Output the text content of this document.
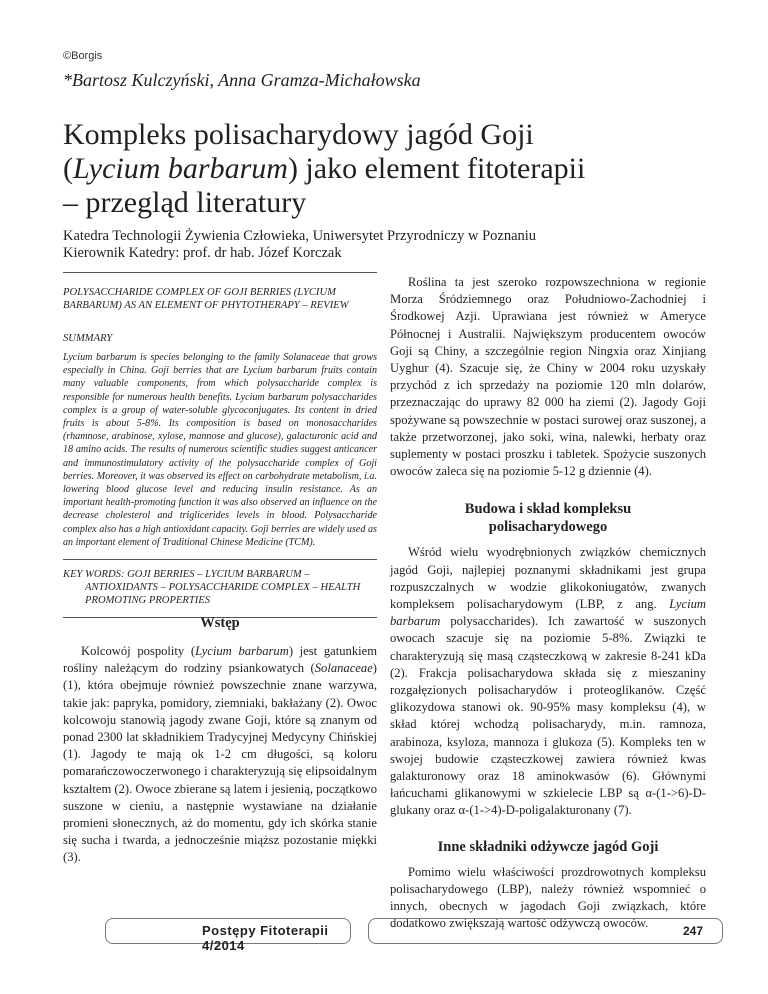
©Borgis
*Bartosz Kulczyński, Anna Gramza-Michałowska
Kompleks polisacharydowy jagód Goji
(Lycium barbarum) jako element fitoterapii
– przegląd literatury
Katedra Technologii Żywienia Człowieka, Uniwersytet Przyrodniczy w Poznaniu
Kierownik Katedry: prof. dr hab. Józef Korczak

POLYSACCHARIDE COMPLEX OF GOJI BERRIES (LYCIUM BARBARUM) AS AN ELEMENT OF PHYTOTHERAPY – REVIEW

SUMMARY

Lycium barbarum is species belonging to the family Solanaceae that grows especially in China. Goji berries that are Lycium barbarum fruits contain many valuable components, from which polysaccharide complex is responsible for numerous health benefits. Lycium barbarum polysaccharides complex is a group of water-soluble glycoconjugates. Its content in dried fruits is about 5-8%. Its composition is based on monosaccharides (rhamnose, arabinose, xylose, mannose and glucose), galacturonic acid and 18 amino acids. The results of numerous scientific studies suggest anticancer and immunostimulatory activity of the polysaccharide complex of Goji berries. Moreover, it was observed its effect on carbohydrate metabolism, i.a. lowering blood glucose level and reducing insulin resistance. As an important health-promoting function it was also observed an influence on the decrease cholesterol and triglicerides levels in blood. Polysaccharide complex also has a high antioxidant capacity. Goji berries are widely used as an important element of Traditional Chinese Medicine (TCM).

KEY WORDS: GOJI BERRIES – LYCIUM BARBARUM – ANTIOXIDANTS – POLYSACCHARIDE COMPLEX – HEALTH PROMOTING PROPERTIES

Wstęp

Kolcowój pospolity (Lycium barbarum) jest gatunkiem rośliny należącym do rodziny psiankowatych (Solanaceae) (1), która obejmuje również powszechnie znane warzywa, takie jak: papryka, pomidory, ziemniaki, bakłażany (2). Owoc kolcowoju stanowią jagody zwane Goji, które są znanym od ponad 2300 lat składnikiem Tradycyjnej Medycyny Chińskiej (1). Jagody te mają ok 1-2 cm długości, są koloru pomarańczowoczerwonego i charakteryzują się elipsoidalnym kształtem (2). Owoce zbierane są latem i jesienią, początkowo suszone w cieniu, a następnie wystawiane na działanie promieni słonecznych, aż do momentu, gdy ich skórka stanie się sucha i twarda, a jednocześnie miąższ pozostanie miękki (3).

Roślina ta jest szeroko rozpowszechniona w regionie Morza Śródziemnego oraz Południowo-Zachodniej i Środkowej Azji. Uprawiana jest również w Ameryce Północnej i Australii. Największym producentem owoców Goji są Chiny, a szczególnie region Ningxia oraz Xinjiang Uyghur (4). Szacuje się, że Chiny w 2004 roku uzyskały przychód z ich sprzedaży na poziomie 120 mln dolarów, przeznaczając do uprawy 82 000 ha ziemi (2). Jagody Goji spożywane są powszechnie w postaci surowej oraz suszonej, a także przetworzonej, jako soki, wina, nalewki, herbaty oraz suplementy w postaci proszku i tabletek. Spożycie suszonych owoców zaleca się na poziomie 5-12 g dziennie (4).

Budowa i skład kompleksu
polisacharydowego

Wśród wielu wyodrębnionych związków chemicznych jagód Goji, najlepiej poznanymi składnikami jest grupa rozpuszczalnych w wodzie glikokoniugatów, zwanych kompleksem polisacharydowym (LBP, z ang. Lycium barbarum polysaccharides). Ich zawartość w suszonych owocach szacuje się na poziomie 5-8%. Związki te charakteryzują się masą cząsteczkową w zakresie 8-241 kDa (2). Frakcja polisacharydowa składa się z mieszaniny rozgałęzionych polisacharydów i proteoglikanów. Część glikozydowa stanowi ok. 90-95% masy kompleksu (4), w skład której wchodzą polisacharydy, m.in. ramnoza, arabinoza, ksyloza, mannoza i glukoza (5). Kompleks ten w swojej budowie cząsteczkowej zawiera również kwas galakturonowy oraz 18 aminokwasów (6). Głównymi łańcuchami glikanowymi w szkielecie LBP są α-(1->6)-D-glukany oraz α-(1->4)-D-poligalakturonany (7).

Inne składniki odżywcze jagód Goji

Pomimo wielu właściwości prozdrowotnych kompleksu polisacharydowego (LBP), należy również wspomnieć o innych, obecnych w jagodach Goji związkach, które dodatkowo zwiększają wartość odżywczą owoców.

Postępy Fitoterapii 4/2014
247
